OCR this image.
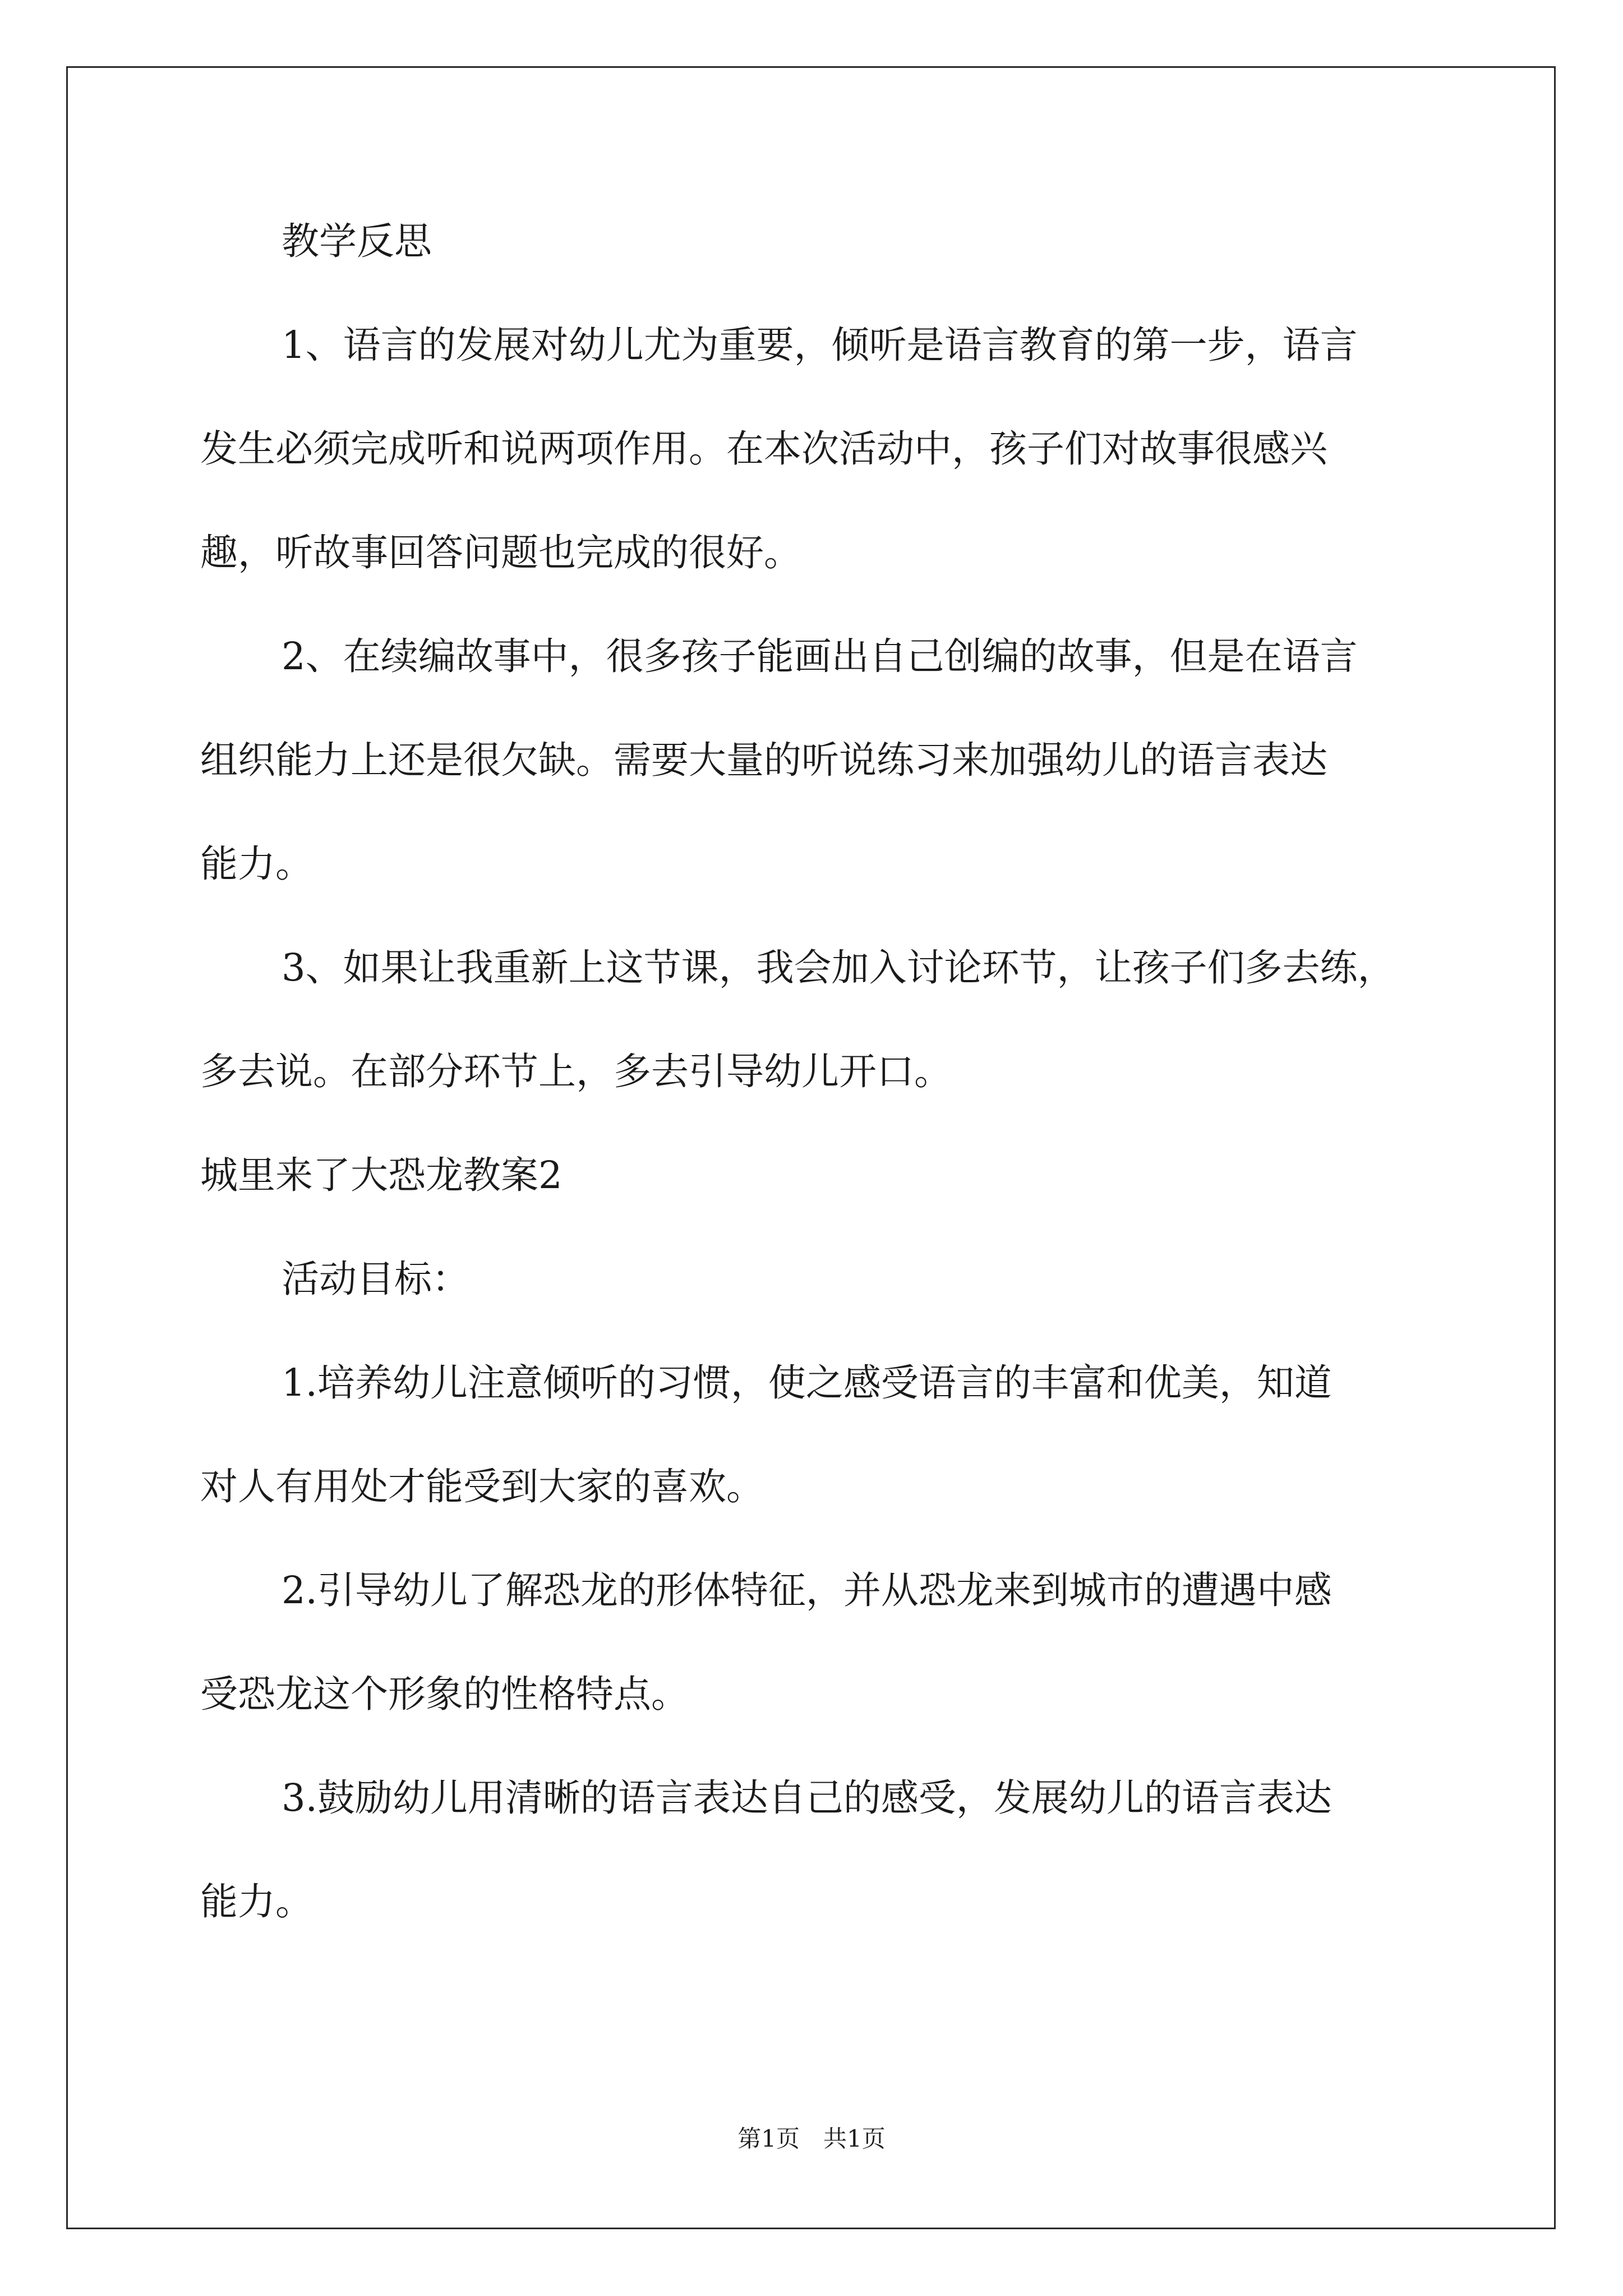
教学反思
1、语言的发展对幼儿尤为重要，倾听是语言教育的第一步，语言
发生必须完成听和说两项作用。在本次活动中，孩子们对故事很感兴
趣，听故事回答问题也完成的很好。
2、在续编故事中，很多孩子能画出自己创编的故事，但是在语言
组织能力上还是很欠缺。需要大量的听说练习来加强幼儿的语言表达
能力。
3、如果让我重新上这节课，我会加入讨论环节，让孩子们多去练，
多去说。在部分环节上，多去引导幼儿开口。
城里来了大恐龙教案2
活动目标：
1.培养幼儿注意倾听的习惯，使之感受语言的丰富和优美，知道
对人有用处才能受到大家的喜欢。
2.引导幼儿了解恐龙的形体特征，并从恐龙来到城市的遭遇中感
受恐龙这个形象的性格特点。
3.鼓励幼儿用清晰的语言表达自己的感受，发展幼儿的语言表达
能力。
第1页　共1页
